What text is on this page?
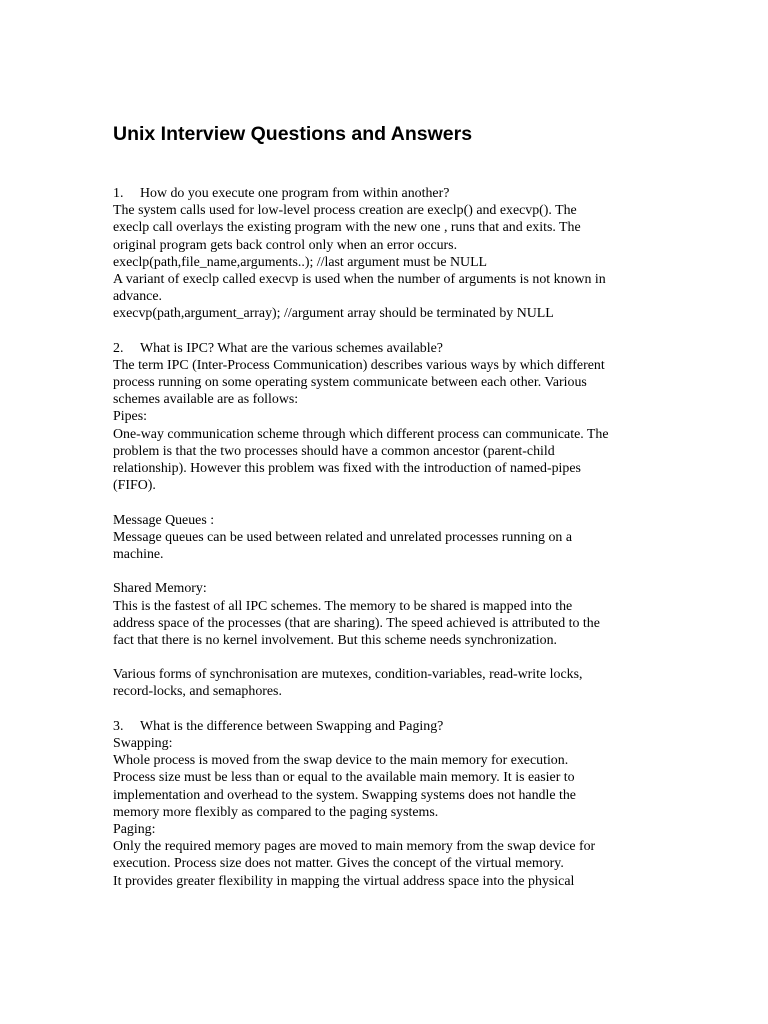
Unix Interview Questions and Answers
1. How do you execute one program from within another?
The system calls used for low-level process creation are execlp() and execvp(). The
execlp call overlays the existing program with the new one , runs that and exits. The
original program gets back control only when an error occurs.
execlp(path,file_name,arguments..); //last argument must be NULL
A variant of execlp called execvp is used when the number of arguments is not known in
advance.
execvp(path,argument_array); //argument array should be terminated by NULL
2. What is IPC? What are the various schemes available?
The term IPC (Inter-Process Communication) describes various ways by which different
process running on some operating system communicate between each other. Various
schemes available are as follows:
Pipes:
One-way communication scheme through which different process can communicate. The
problem is that the two processes should have a common ancestor (parent-child
relationship). However this problem was fixed with the introduction of named-pipes
(FIFO).
Message Queues :
Message queues can be used between related and unrelated processes running on a
machine.
Shared Memory:
This is the fastest of all IPC schemes. The memory to be shared is mapped into the
address space of the processes (that are sharing). The speed achieved is attributed to the
fact that there is no kernel involvement. But this scheme needs synchronization.
Various forms of synchronisation are mutexes, condition-variables, read-write locks,
record-locks, and semaphores.
3. What is the difference between Swapping and Paging?
Swapping:
Whole process is moved from the swap device to the main memory for execution.
Process size must be less than or equal to the available main memory. It is easier to
implementation and overhead to the system. Swapping systems does not handle the
memory more flexibly as compared to the paging systems.
Paging:
Only the required memory pages are moved to main memory from the swap device for
execution. Process size does not matter. Gives the concept of the virtual memory.
It provides greater flexibility in mapping the virtual address space into the physical
